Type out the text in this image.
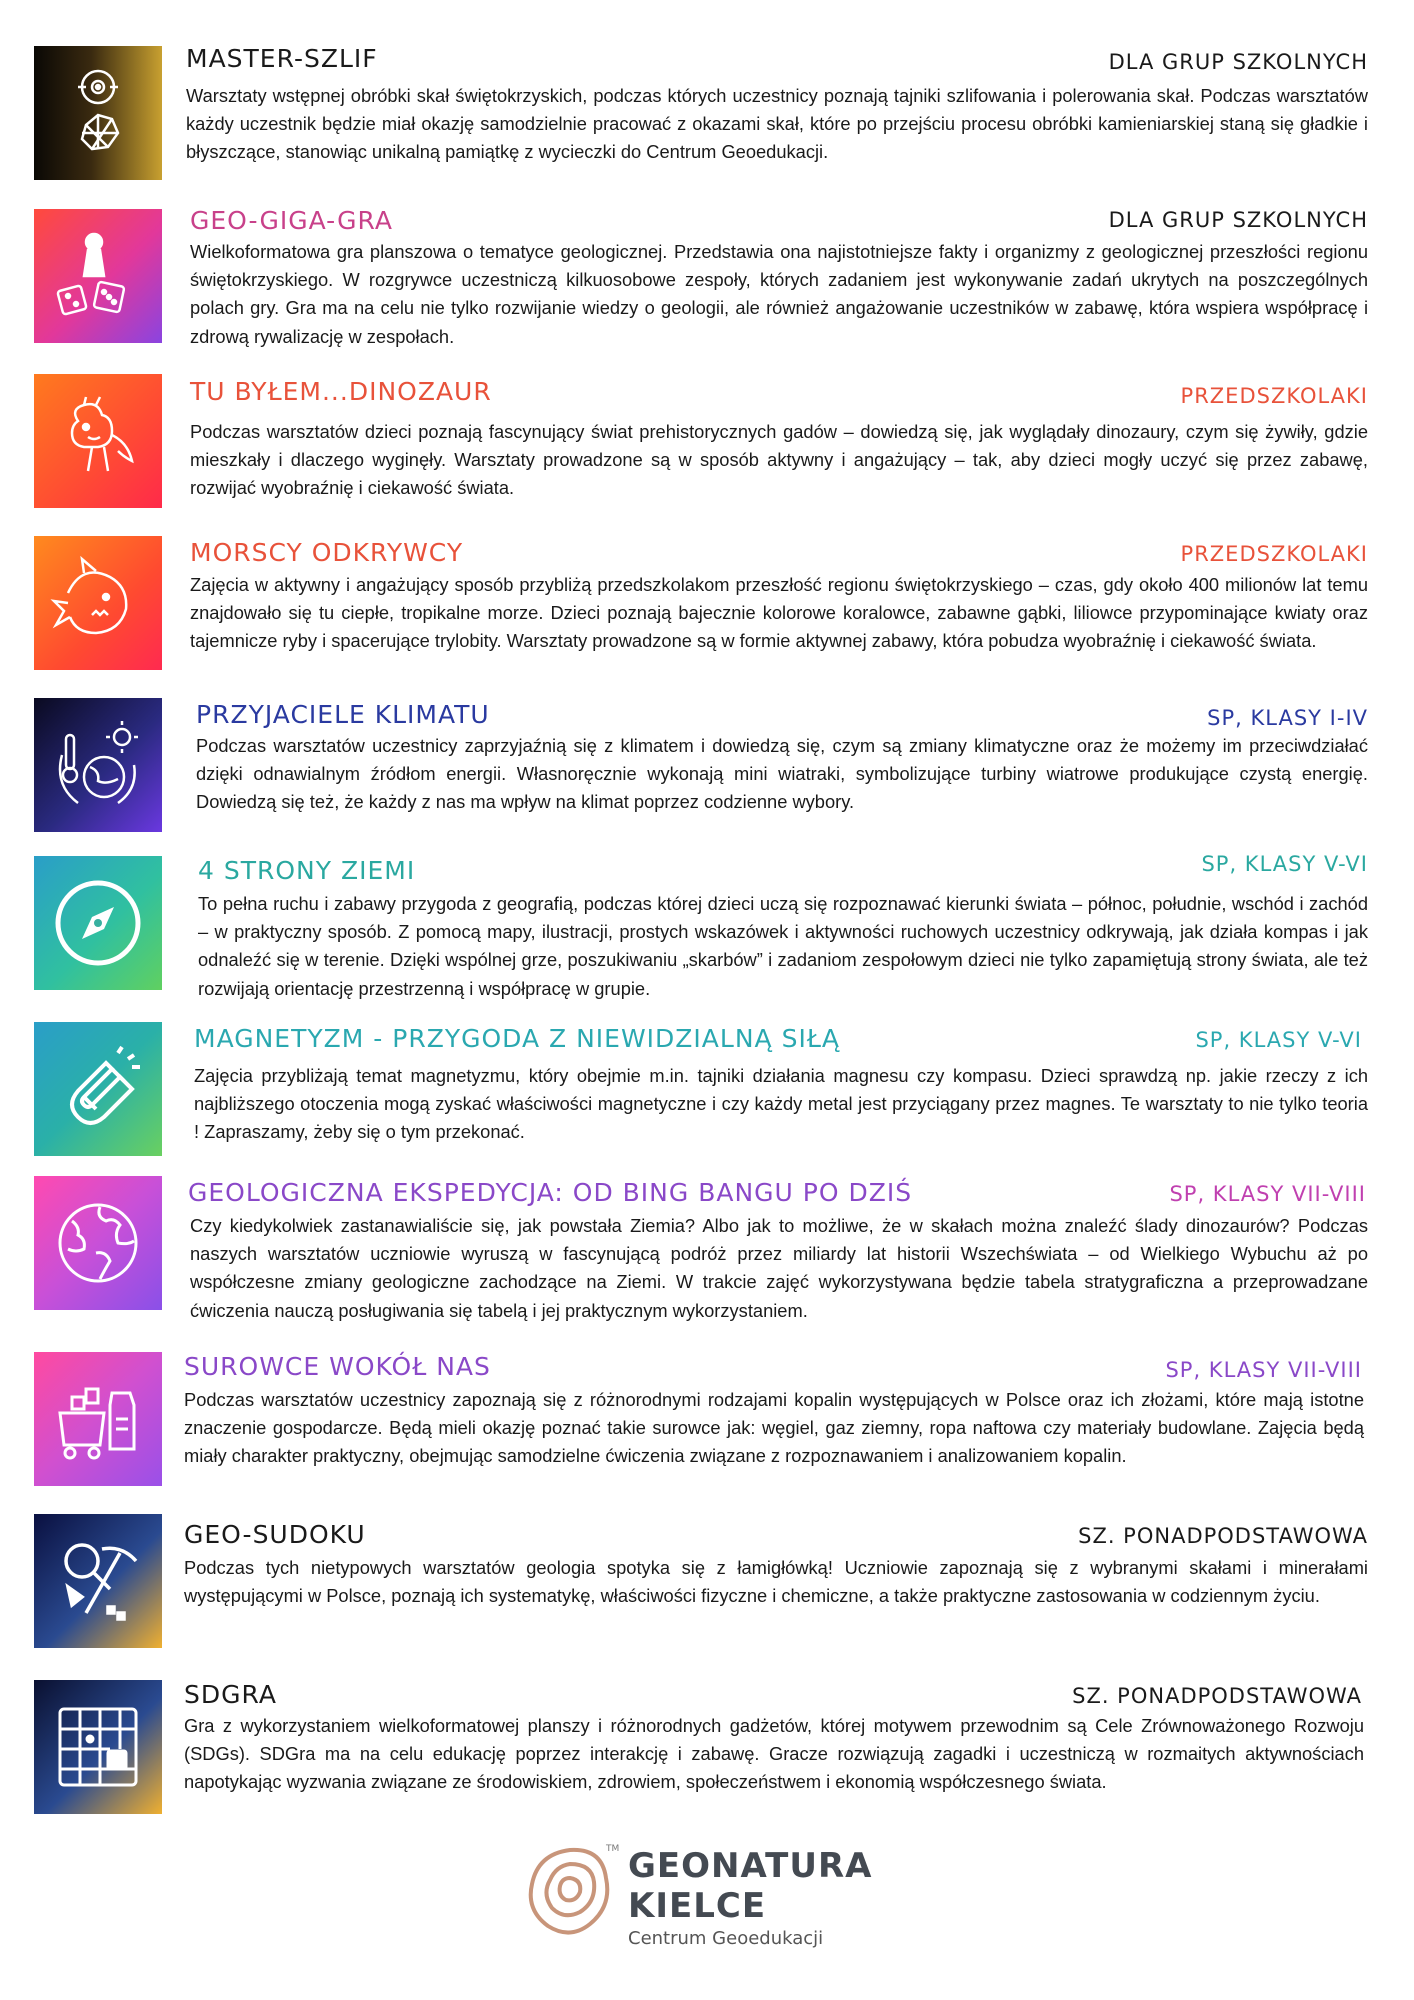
MASTER-SZLIF	DLA GRUP SZKOLNYCH

Warsztaty wstępnej obróbki skał świętokrzyskich, podczas których uczestnicy poznają tajniki szlifowania i polerowania skał. Podczas warsztatów każdy uczestnik będzie miał okazję samodzielnie pracować z okazami skał, które po przejściu procesu obróbki kamieniarskiej staną się gładkie i błyszczące, stanowiąc unikalną pamiątkę z wycieczki do Centrum Geoedukacji.

GEO-GIGA-GRA	DLA GRUP SZKOLNYCH

Wielkoformatowa gra planszowa o tematyce geologicznej. Przedstawia ona najistotniejsze fakty i organizmy z geologicznej przeszłości regionu świętokrzyskiego. W rozgrywce uczestniczą kilkuosobowe zespoły, których zadaniem jest wykonywanie zadań ukrytych na poszczególnych polach gry. Gra ma na celu nie tylko rozwijanie wiedzy o geologii, ale również angażowanie uczestników w zabawę, która wspiera współpracę i zdrową rywalizację w zespołach.

TU BYŁEM...DINOZAUR	PRZEDSZKOLAKI

Podczas warsztatów dzieci poznają fascynujący świat prehistorycznych gadów – dowiedzą się, jak wyglądały dinozaury, czym się żywiły, gdzie mieszkały i dlaczego wyginęły. Warsztaty prowadzone są w sposób aktywny i angażujący – tak, aby dzieci mogły uczyć się przez zabawę, rozwijać wyobraźnię i ciekawość świata.

MORSCY ODKRYWCY	PRZEDSZKOLAKI

Zajęcia w aktywny i angażujący sposób przybliżą przedszkolakom przeszłość regionu świętokrzyskiego – czas, gdy około 400 milionów lat temu znajdowało się tu ciepłe, tropikalne morze. Dzieci poznają bajecznie kolorowe koralowce, zabawne gąbki, liliowce przypominające kwiaty oraz tajemnicze ryby i spacerujące trylobity. Warsztaty prowadzone są w formie aktywnej zabawy, która pobudza wyobraźnię i ciekawość świata.

PRZYJACIELE KLIMATU	SP, KLASY I-IV

Podczas warsztatów uczestnicy zaprzyjaźnią się z klimatem i dowiedzą się, czym są zmiany klimatyczne oraz że możemy im przeciwdziałać dzięki odnawialnym źródłom energii. Własnoręcznie wykonają mini wiatraki, symbolizujące turbiny wiatrowe produkujące czystą energię. Dowiedzą się też, że każdy z nas ma wpływ na klimat poprzez codzienne wybory.

4 STRONY ZIEMI	SP, KLASY V-VI

To pełna ruchu i zabawy przygoda z geografią, podczas której dzieci uczą się rozpoznawać kierunki świata – północ, południe, wschód i zachód – w praktyczny sposób. Z pomocą mapy, ilustracji, prostych wskazówek i aktywności ruchowych uczestnicy odkrywają, jak działa kompas i jak odnaleźć się w terenie. Dzięki wspólnej grze, poszukiwaniu „skarbów” i zadaniom zespołowym dzieci nie tylko zapamiętują strony świata, ale też rozwijają orientację przestrzenną i współpracę w grupie.

MAGNETYZM - PRZYGODA Z NIEWIDZIALNĄ SIŁĄ	SP, KLASY V-VI

Zajęcia przybliżają temat magnetyzmu, który obejmie m.in. tajniki działania magnesu czy kompasu. Dzieci sprawdzą np. jakie rzeczy z ich najbliższego otoczenia mogą zyskać właściwości magnetyczne i czy każdy metal jest przyciągany przez magnes. Te warsztaty to nie tylko teoria ! Zapraszamy, żeby się o tym przekonać.

GEOLOGICZNA EKSPEDYCJA: OD BING BANGU PO DZIŚ	SP, KLASY VII-VIII

Czy kiedykolwiek zastanawialiście się, jak powstała Ziemia? Albo jak to możliwe, że w skałach można znaleźć ślady dinozaurów? Podczas naszych warsztatów uczniowie wyruszą w fascynującą podróż przez miliardy lat historii Wszechświata – od Wielkiego Wybuchu aż po współczesne zmiany geologiczne zachodzące na Ziemi. W trakcie zajęć wykorzystywana będzie tabela stratygraficzna a przeprowadzane ćwiczenia nauczą posługiwania się tabelą i jej praktycznym wykorzystaniem.

SUROWCE WOKÓŁ NAS	SP, KLASY VII-VIII

Podczas warsztatów uczestnicy zapoznają się z różnorodnymi rodzajami kopalin występujących w Polsce oraz ich złożami, które mają istotne znaczenie gospodarcze. Będą mieli okazję poznać takie surowce jak: węgiel, gaz ziemny, ropa naftowa czy materiały budowlane. Zajęcia będą miały charakter praktyczny, obejmując samodzielne ćwiczenia związane z rozpoznawaniem i analizowaniem kopalin.

GEO-SUDOKU	SZ. PONADPODSTAWOWA

Podczas tych nietypowych warsztatów geologia spotyka się z łamigłówką! Uczniowie zapoznają się z wybranymi skałami i minerałami występującymi w Polsce, poznają ich systematykę, właściwości fizyczne i chemiczne, a także praktyczne zastosowania w codziennym życiu.

SDGRA	SZ. PONADPODSTAWOWA

Gra z wykorzystaniem wielkoformatowej planszy i różnorodnych gadżetów, której motywem przewodnim są Cele Zrównoważonego Rozwoju (SDGs). SDGra ma na celu edukację poprzez interakcję i zabawę. Gracze rozwiązują zagadki i uczestniczą w rozmaitych aktywnościach napotykając wyzwania związane ze środowiskiem, zdrowiem, społeczeństwem i ekonomią współczesnego świata.

TM GEONATURA
KIELCE
Centrum Geoedukacji
